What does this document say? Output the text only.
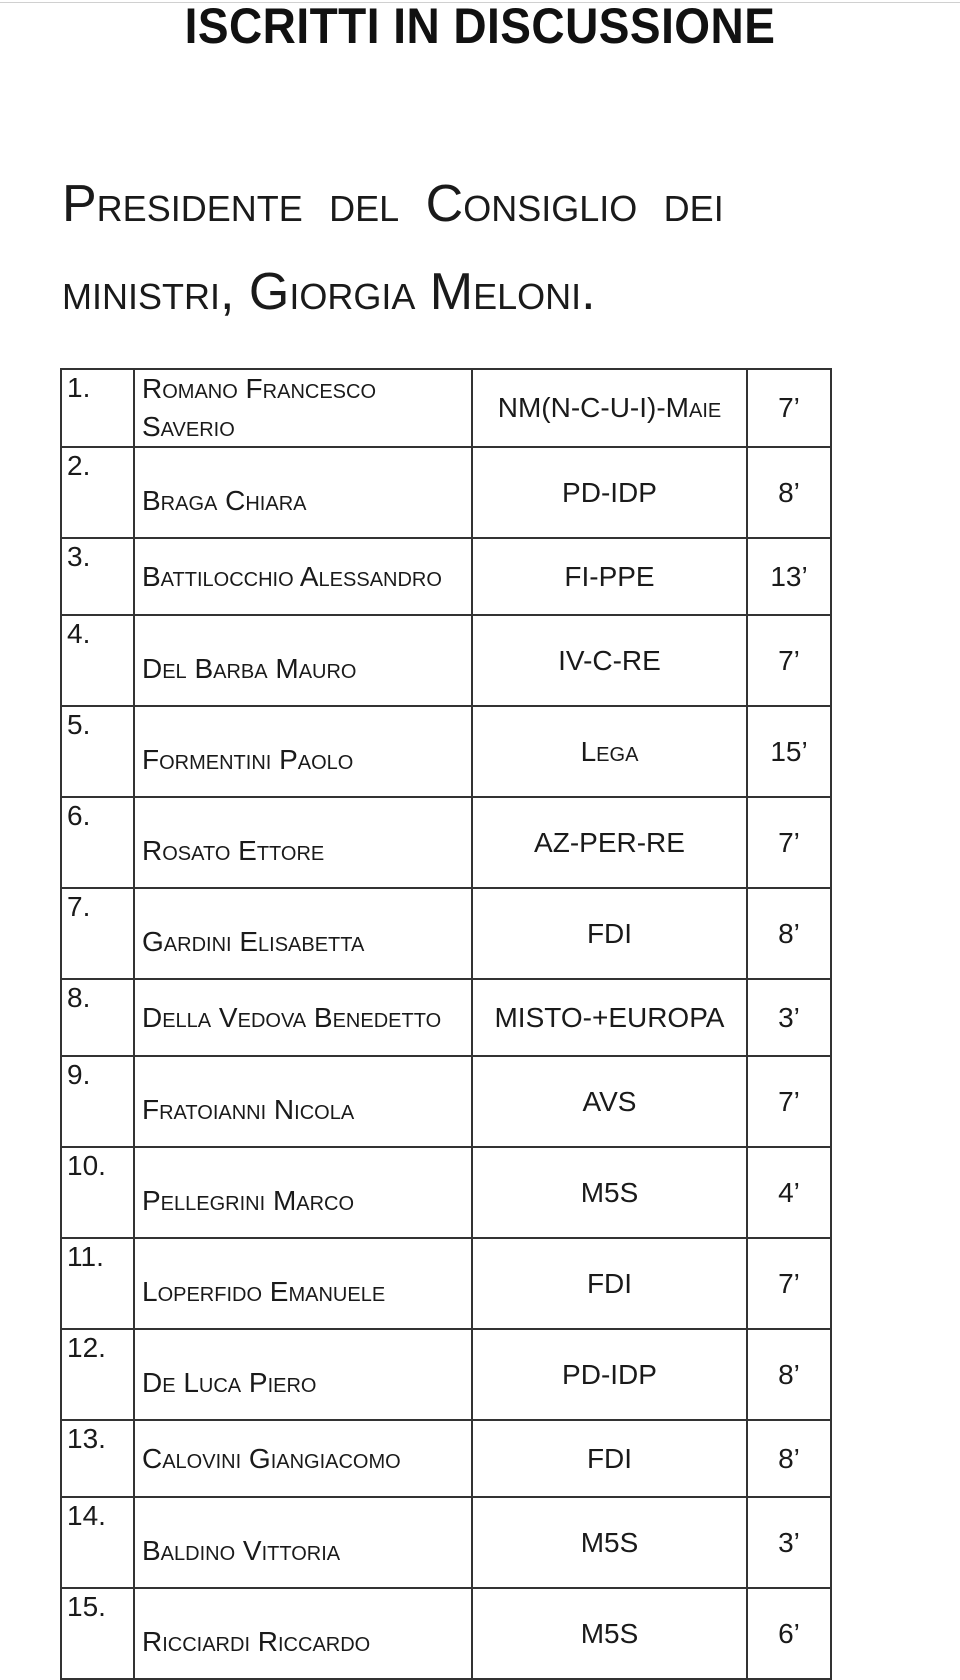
ISCRITTI IN DISCUSSIONE

Presidente del Consiglio dei

ministri, Giorgia Meloni.

1.	Romano Francesco Saverio	NM(N-C-U-I)-Maie	7’
2.	Braga Chiara	PD-IDP	8’
3.	Battilocchio Alessandro	FI-PPE	13’
4.	Del Barba Mauro	IV-C-RE	7’
5.	Formentini Paolo	Lega	15’
6.	Rosato Ettore	AZ-PER-RE	7’
7.	Gardini Elisabetta	FDI	8’
8.	Della Vedova Benedetto	MISTO-+EUROPA	3’
9.	Fratoianni Nicola	AVS	7’
10.	Pellegrini Marco	M5S	4’
11.	Loperfido Emanuele	FDI	7’
12.	De Luca Piero	PD-IDP	8’
13.	Calovini Giangiacomo	FDI	8’
14.	Baldino Vittoria	M5S	3’
15.	Ricciardi Riccardo	M5S	6’
